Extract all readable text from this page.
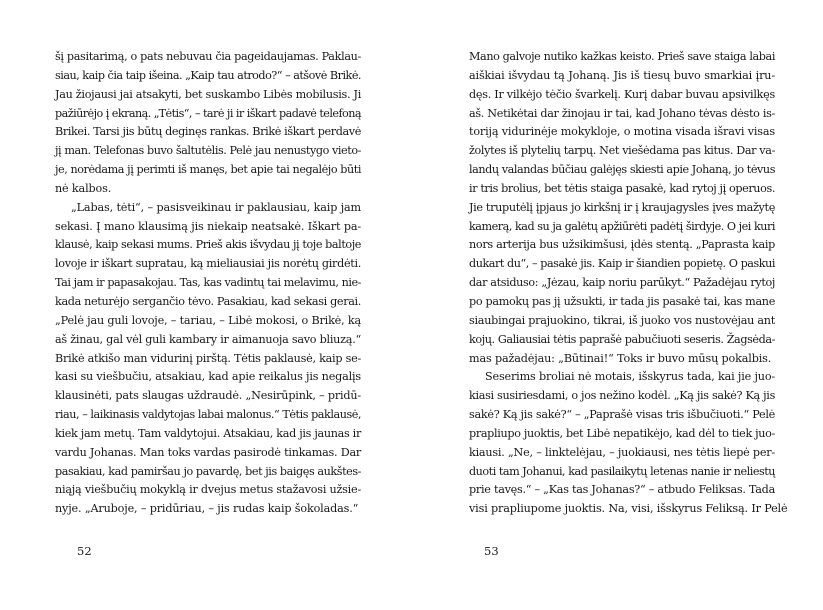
šį pasitarimą, o pats nebuvau čia pageidaujamas. Paklau-
siau, kaip čia taip išeina. „Kaip tau atrodo?“ – atšovė Brikė.
Jau žiojausi jai atsakyti, bet suskambo Libės mobilusis. Ji
pažiūrėjo į ekraną. „Tėtis“, – tarė ji ir iškart padavė telefoną
Brikei. Tarsi jis būtų deginęs rankas. Brikė iškart perdavė
jį man. Telefonas buvo šaltutėlis. Pelė jau nenustygo vieto-
je, norėdama jį perimti iš manęs, bet apie tai negalėjo būti
nė kalbos.
„Labas, tėti“, – pasisveikinau ir paklausiau, kaip jam
sekasi. Į mano klausimą jis niekaip neatsakė. Iškart pa-
klausė, kaip sekasi mums. Prieš akis išvydau jį toje baltoje
lovoje ir iškart supratau, ką mieliausiai jis norėtų girdėti.
Tai jam ir papasakojau. Tas, kas vadintų tai melavimu, nie-
kada neturėjo sergančio tėvo. Pasakiau, kad sekasi gerai.
„Pelė jau guli lovoje, – tariau, – Libė mokosi, o Brikė, ką
aš žinau, gal vėl guli kambary ir aimanuoja savo bliuzą.“
Brikė atkišo man vidurinį pirštą. Tėtis paklausė, kaip se-
kasi su viešbučiu, atsakiau, kad apie reikalus jis negalįs
klausinėti, pats slaugas uždraudė. „Nesirūpink, – pridū-
riau, – laikinasis valdytojas labai malonus.“ Tėtis paklausė,
kiek jam metų. Tam valdytojui. Atsakiau, kad jis jaunas ir
vardu Johanas. Man toks vardas pasirodė tinkamas. Dar
pasakiau, kad pamiršau jo pavardę, bet jis baigęs aukštes-
niąją viešbučių mokyklą ir dvejus metus stažavosi užsie-
nyje. „Aruboje, – pridūriau, – jis rudas kaip šokoladas.“
Mano galvoje nutiko kažkas keisto. Prieš save staiga labai
aiškiai išvydau tą Johaną. Jis iš tiesų buvo smarkiai įru-
dęs. Ir vilkėjo tėčio švarkelį. Kurį dabar buvau apsivilkęs
aš. Netikėtai dar žinojau ir tai, kad Johano tėvas dėsto is-
toriją vidurinėje mokykloje, o motina visada išravi visas
žolytes iš plytelių tarpų. Net viešėdama pas kitus. Dar va-
landų valandas būčiau galėjęs skiesti apie Johaną, jo tėvus
ir tris brolius, bet tėtis staiga pasakė, kad rytoj jį operuos.
Jie truputėlį įpjaus jo kirkšnį ir į kraujagysles įves mažytę
kamerą, kad su ja galėtų apžiūrėti padėtį širdyje. O jei kuri
nors arterija bus užsikimšusi, įdės stentą. „Paprasta kaip
dukart du“, – pasakė jis. Kaip ir šiandien popietę. O paskui
dar atsiduso: „Jėzau, kaip noriu parūkyt.“ Pažadėjau rytoj
po pamokų pas jį užsukti, ir tada jis pasakė tai, kas mane
siaubingai prajuokino, tikrai, iš juoko vos nustovėjau ant
kojų. Galiausiai tėtis paprašė pabučiuoti seseris. Žagsėda-
mas pažadėjau: „Būtinai!“ Toks ir buvo mūsų pokalbis.
Seserims broliai nė motais, išskyrus tada, kai jie juo-
kiasi susiriesdami, o jos nežino kodėl. „Ką jis sakė? Ką jis
sakė? Ką jis sakė?“ – „Paprašė visas tris išbučiuoti.“ Pelė
prapliupo juoktis, bet Libė nepatikėjo, kad dėl to tiek juo-
kiausi. „Ne, – linktelėjau, – juokiausi, nes tėtis liepė per-
duoti tam Johanui, kad pasilaikytų letenas nanie ir neliestų
prie tavęs.“ – „Kas tas Johanas?“ – atbudo Feliksas. Tada
visi prapliupome juoktis. Na, visi, išskyrus Feliksą. Ir Pelė
52	53
